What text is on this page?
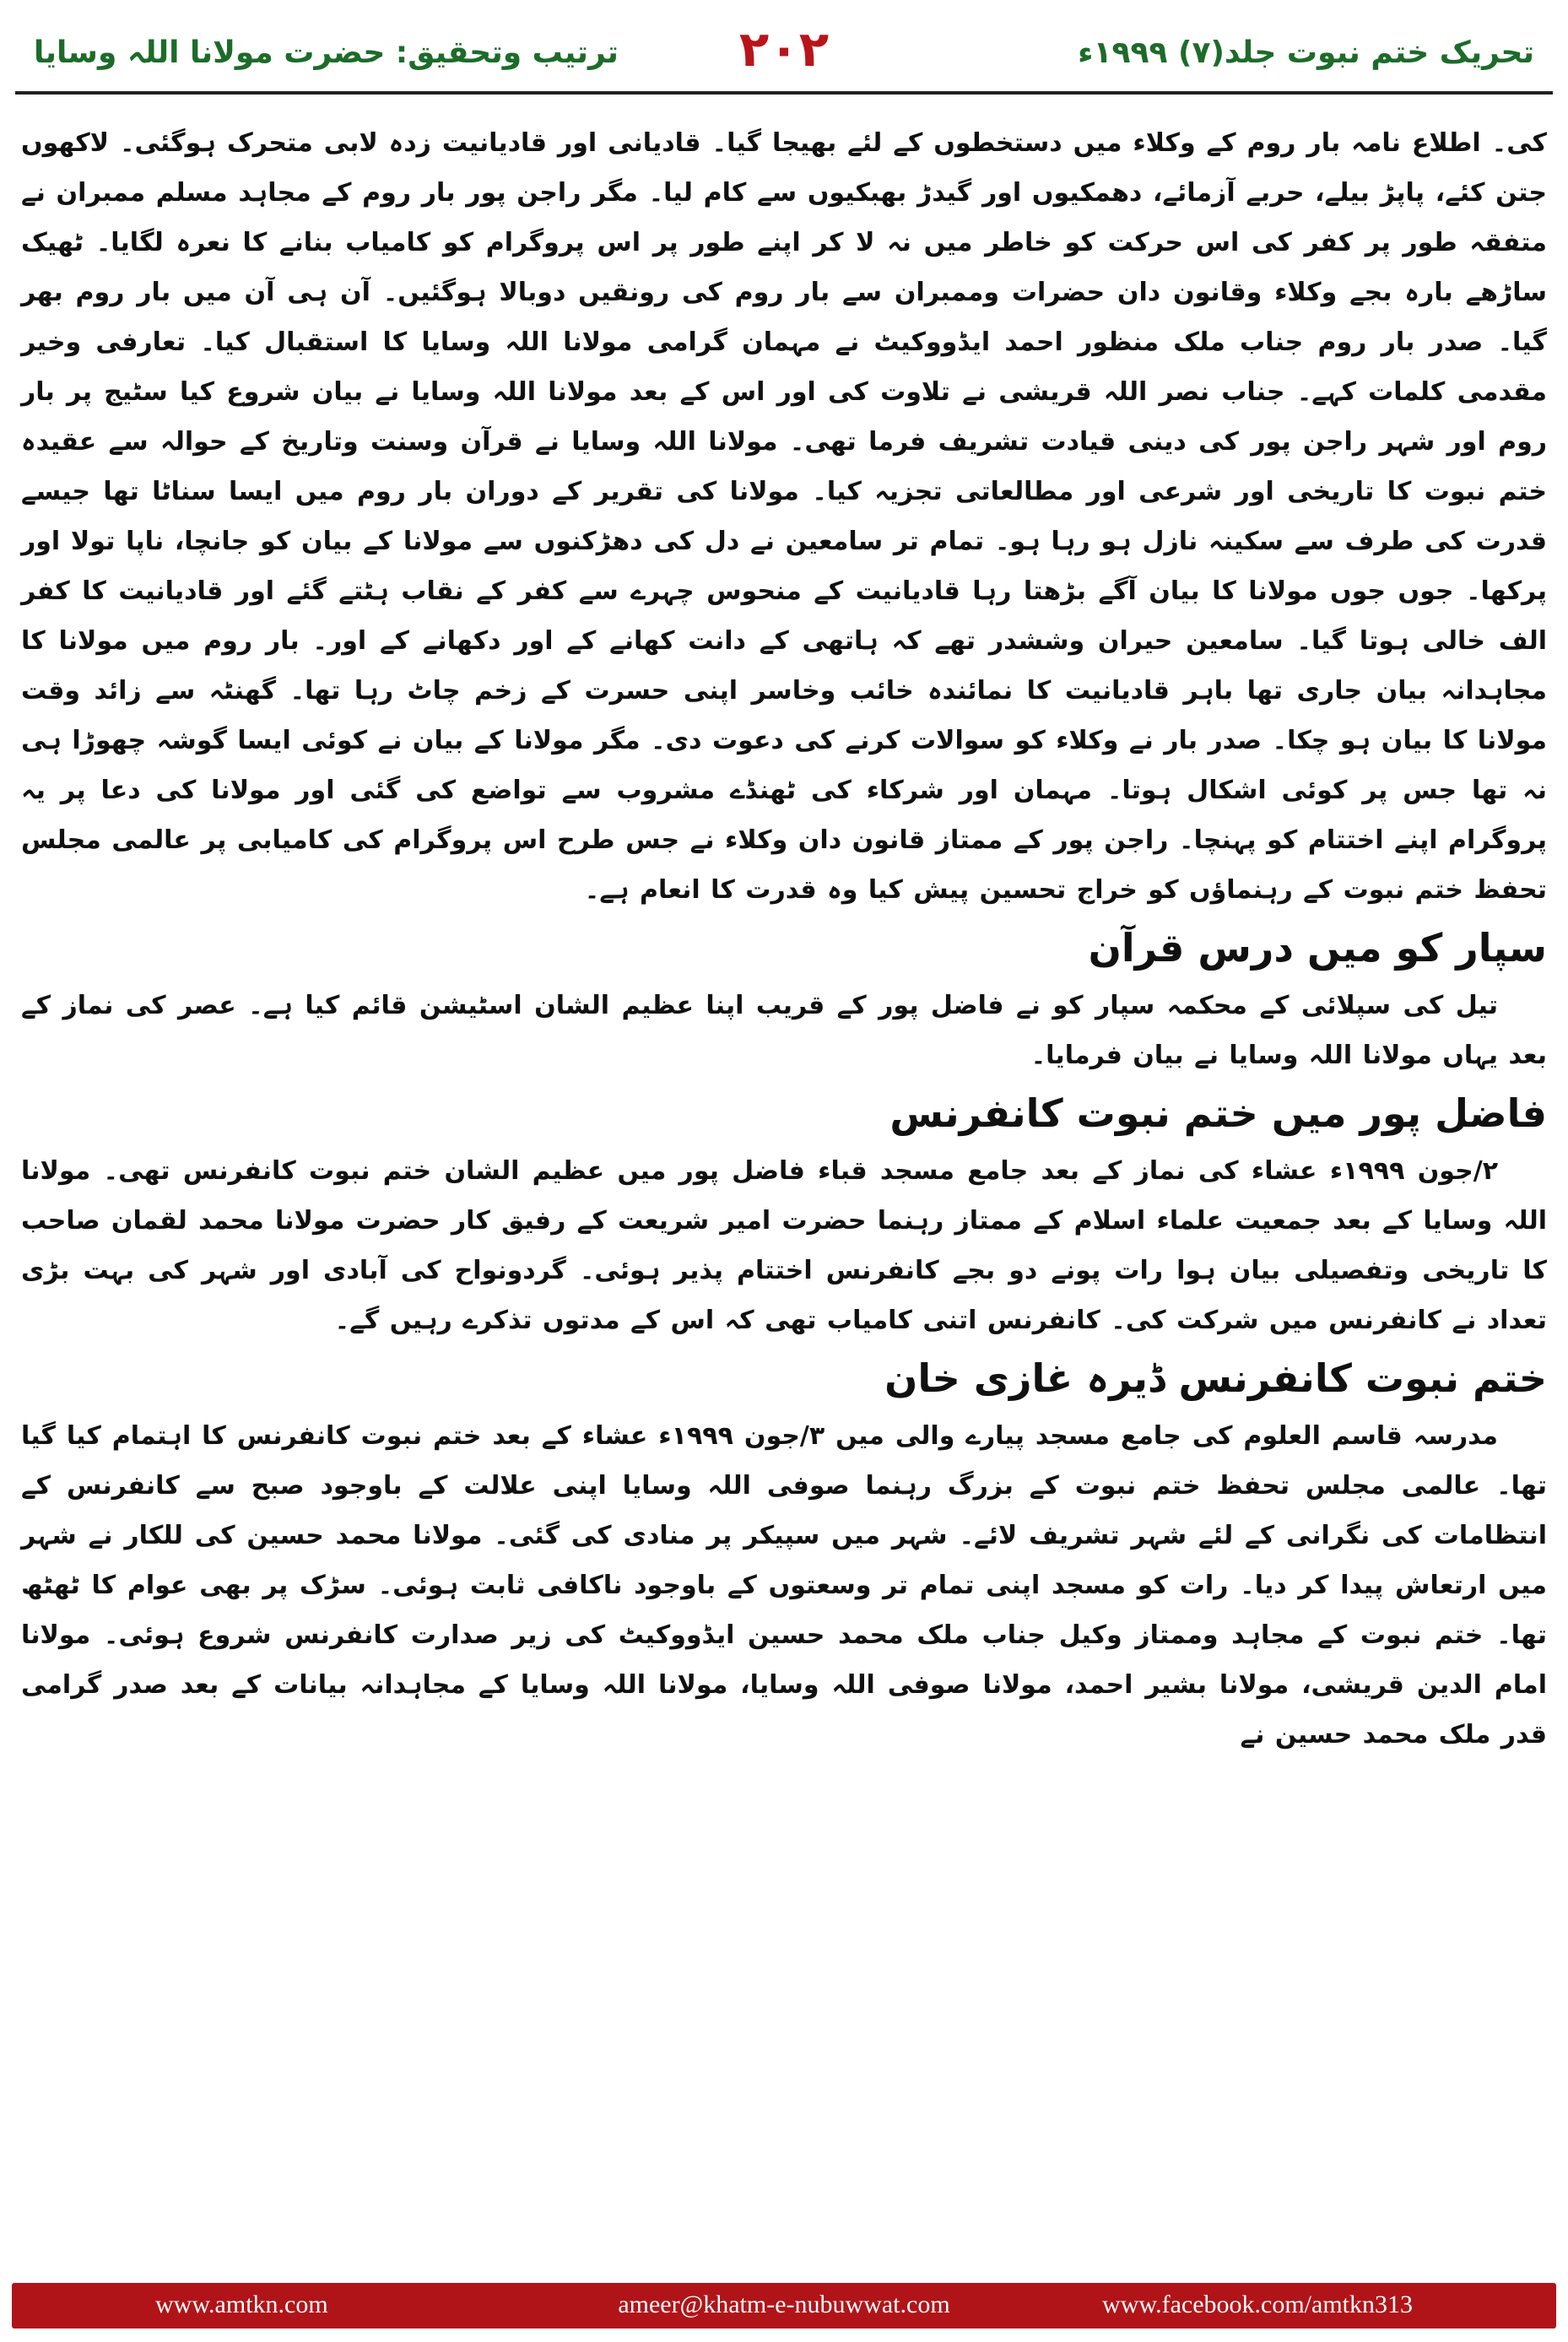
تحریک ختم نبوت جلد(۷) ۱۹۹۹ء
۲۰۲
ترتیب وتحقیق: حضرت مولانا اللہ وسایا

کی۔ اطلاع نامہ بار روم کے وکلاء میں دستخطوں کے لئے بھیجا گیا۔ قادیانی اور قادیانیت زدہ لابی متحرک ہوگئی۔ لاکھوں جتن کئے، پاپڑ بیلے، حربے آزمائے، دھمکیوں اور گیدڑ بھبکیوں سے کام لیا۔ مگر راجن پور بار روم کے مجاہد مسلم ممبران نے متفقہ طور پر کفر کی اس حرکت کو خاطر میں نہ لا کر اپنے طور پر اس پروگرام کو کامیاب بنانے کا نعرہ لگایا۔ ٹھیک ساڑھے بارہ بجے وکلاء وقانون دان حضرات وممبران سے بار روم کی رونقیں دوبالا ہوگئیں۔ آن ہی آن میں بار روم بھر گیا۔ صدر بار روم جناب ملک منظور احمد ایڈووکیٹ نے مہمان گرامی مولانا اللہ وسایا کا استقبال کیا۔ تعارفی وخیر مقدمی کلمات کہے۔ جناب نصر اللہ قریشی نے تلاوت کی اور اس کے بعد مولانا اللہ وسایا نے بیان شروع کیا سٹیج پر بار روم اور شہر راجن پور کی دینی قیادت تشریف فرما تھی۔ مولانا اللہ وسایا نے قرآن وسنت وتاریخ کے حوالہ سے عقیدہ ختم نبوت کا تاریخی اور شرعی اور مطالعاتی تجزیہ کیا۔ مولانا کی تقریر کے دوران بار روم میں ایسا سناٹا تھا جیسے قدرت کی طرف سے سکینہ نازل ہو رہا ہو۔ تمام تر سامعین نے دل کی دھڑکنوں سے مولانا کے بیان کو جانچا، ناپا تولا اور پرکھا۔ جوں جوں مولانا کا بیان آگے بڑھتا رہا قادیانیت کے منحوس چہرے سے کفر کے نقاب ہٹتے گئے اور قادیانیت کا کفر الف خالی ہوتا گیا۔ سامعین حیران وششدر تھے کہ ہاتھی کے دانت کھانے کے اور دکھانے کے اور۔ بار روم میں مولانا کا مجاہدانہ بیان جاری تھا باہر قادیانیت کا نمائندہ خائب وخاسر اپنی حسرت کے زخم چاٹ رہا تھا۔ گھنٹہ سے زائد وقت مولانا کا بیان ہو چکا۔ صدر بار نے وکلاء کو سوالات کرنے کی دعوت دی۔ مگر مولانا کے بیان نے کوئی ایسا گوشہ چھوڑا ہی نہ تھا جس پر کوئی اشکال ہوتا۔ مہمان اور شرکاء کی ٹھنڈے مشروب سے تواضع کی گئی اور مولانا کی دعا پر یہ پروگرام اپنے اختتام کو پہنچا۔ راجن پور کے ممتاز قانون دان وکلاء نے جس طرح اس پروگرام کی کامیابی پر عالمی مجلس تحفظ ختم نبوت کے رہنماؤں کو خراج تحسین پیش کیا وہ قدرت کا انعام ہے۔

سپار کو میں درس قرآن

تیل کی سپلائی کے محکمہ سپار کو نے فاضل پور کے قریب اپنا عظیم الشان اسٹیشن قائم کیا ہے۔ عصر کی نماز کے بعد یہاں مولانا اللہ وسایا نے بیان فرمایا۔

فاضل پور میں ختم نبوت کانفرنس

۲/جون ۱۹۹۹ء عشاء کی نماز کے بعد جامع مسجد قباء فاضل پور میں عظیم الشان ختم نبوت کانفرنس تھی۔ مولانا اللہ وسایا کے بعد جمعیت علماء اسلام کے ممتاز رہنما حضرت امیر شریعت کے رفیق کار حضرت مولانا محمد لقمان صاحب کا تاریخی وتفصیلی بیان ہوا رات پونے دو بجے کانفرنس اختتام پذیر ہوئی۔ گردونواح کی آبادی اور شہر کی بہت بڑی تعداد نے کانفرنس میں شرکت کی۔ کانفرنس اتنی کامیاب تھی کہ اس کے مدتوں تذکرے رہیں گے۔

ختم نبوت کانفرنس ڈیرہ غازی خان

مدرسہ قاسم العلوم کی جامع مسجد پیارے والی میں ۳/جون ۱۹۹۹ء عشاء کے بعد ختم نبوت کانفرنس کا اہتمام کیا گیا تھا۔ عالمی مجلس تحفظ ختم نبوت کے بزرگ رہنما صوفی اللہ وسایا اپنی علالت کے باوجود صبح سے کانفرنس کے انتظامات کی نگرانی کے لئے شہر تشریف لائے۔ شہر میں سپیکر پر منادی کی گئی۔ مولانا محمد حسین کی للکار نے شہر میں ارتعاش پیدا کر دیا۔ رات کو مسجد اپنی تمام تر وسعتوں کے باوجود ناکافی ثابت ہوئی۔ سڑک پر بھی عوام کا ٹھٹھ تھا۔ ختم نبوت کے مجاہد وممتاز وکیل جناب ملک محمد حسین ایڈووکیٹ کی زیر صدارت کانفرنس شروع ہوئی۔ مولانا امام الدین قریشی، مولانا بشیر احمد، مولانا صوفی اللہ وسایا، مولانا اللہ وسایا کے مجاہدانہ بیانات کے بعد صدر گرامی قدر ملک محمد حسین نے

www.amtkn.com	ameer@khatm-e-nubuwwat.com	www.facebook.com/amtkn313
